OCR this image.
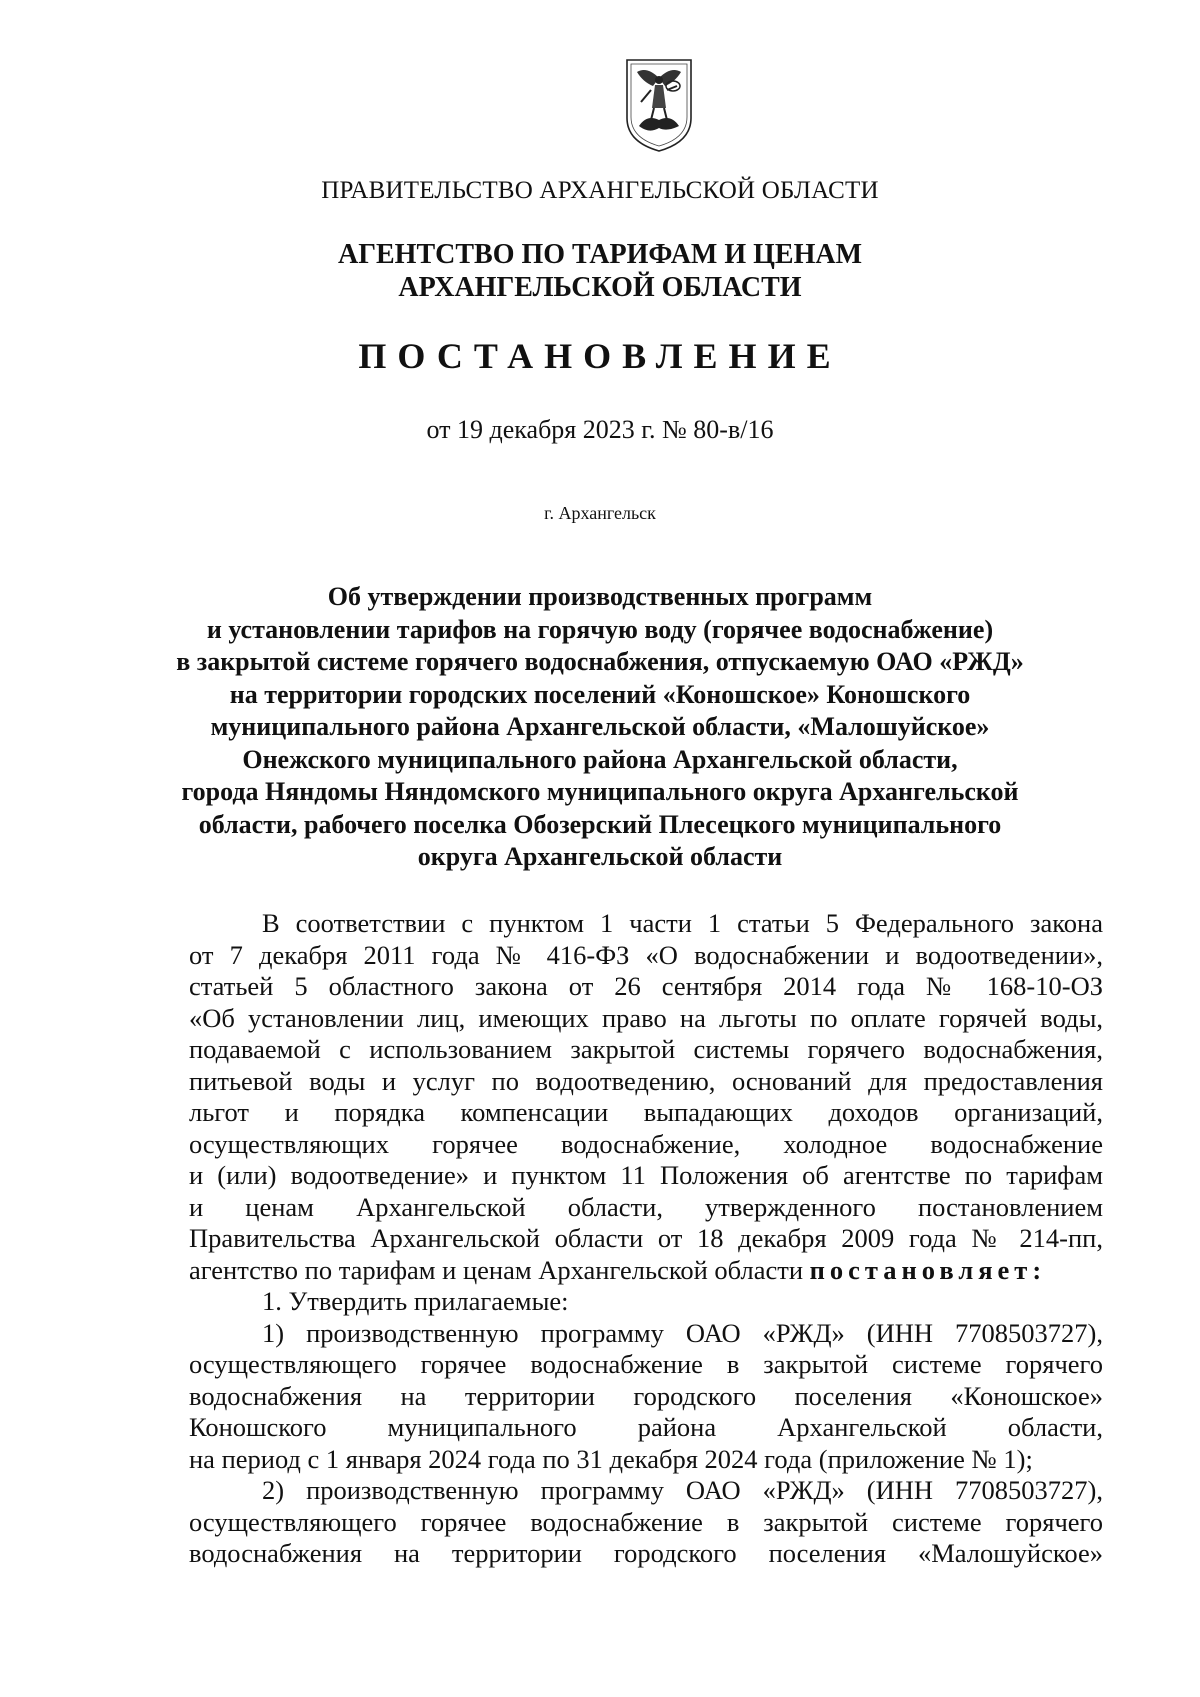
ПРАВИТЕЛЬСТВО АРХАНГЕЛЬСКОЙ ОБЛАСТИ
АГЕНТСТВО ПО ТАРИФАМ И ЦЕНАМ
АРХАНГЕЛЬСКОЙ ОБЛАСТИ
ПОСТАНОВЛЕНИЕ
от 19 декабря 2023 г. № 80-в/16
г. Архангельск
Об утверждении производственных программ
и установлении тарифов на горячую воду (горячее водоснабжение)
в закрытой системе горячего водоснабжения, отпускаемую ОАО «РЖД»
на территории городских поселений «Коношское» Коношского
муниципального района Архангельской области, «Малошуйское»
Онежского муниципального района Архангельской области,
города Няндомы Няндомского муниципального округа Архангельской
области, рабочего поселка Обозерский Плесецкого муниципального
округа Архангельской области
В соответствии с пунктом 1 части 1 статьи 5 Федерального закона
от 7 декабря 2011 года № 416-ФЗ «О водоснабжении и водоотведении»,
статьей 5 областного закона от 26 сентября 2014 года № 168-10-ОЗ
«Об установлении лиц, имеющих право на льготы по оплате горячей воды,
подаваемой с использованием закрытой системы горячего водоснабжения,
питьевой воды и услуг по водоотведению, оснований для предоставления
льгот и порядка компенсации выпадающих доходов организаций,
осуществляющих горячее водоснабжение, холодное водоснабжение
и (или) водоотведение» и пунктом 11 Положения об агентстве по тарифам
и ценам Архангельской области, утвержденного постановлением
Правительства Архангельской области от 18 декабря 2009 года № 214-пп,
агентство по тарифам и ценам Архангельской области постановляет:
1. Утвердить прилагаемые:
1) производственную программу ОАО «РЖД» (ИНН 7708503727),
осуществляющего горячее водоснабжение в закрытой системе горячего
водоснабжения на территории городского поселения «Коношское»
Коношского муниципального района Архангельской области,
на период с 1 января 2024 года по 31 декабря 2024 года (приложение № 1);
2) производственную программу ОАО «РЖД» (ИНН 7708503727),
осуществляющего горячее водоснабжение в закрытой системе горячего
водоснабжения на территории городского поселения «Малошуйское»
